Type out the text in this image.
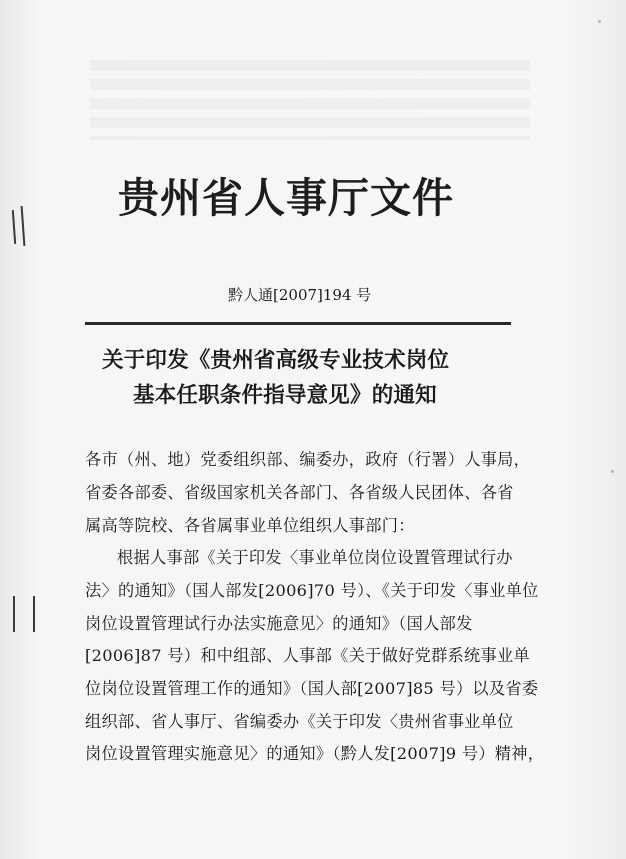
贵州省人事厅文件
黔人通[2007]194 号
关于印发《贵州省高级专业技术岗位
基本任职条件指导意见》的通知
各市（州、地）党委组织部、编委办，政府（行署）人事局，
省委各部委、省级国家机关各部门、各省级人民团体、各省
属高等院校、各省属事业单位组织人事部门：
根据人事部《关于印发〈事业单位岗位设置管理试行办
法〉的通知》（国人部发[2006]70 号）、《关于印发〈事业单位
岗位设置管理试行办法实施意见〉的通知》（国人部发
[2006]87 号）和中组部、人事部《关于做好党群系统事业单
位岗位设置管理工作的通知》（国人部[2007]85 号）以及省委
组织部、省人事厅、省编委办《关于印发〈贵州省事业单位
岗位设置管理实施意见〉的通知》（黔人发[2007]9 号）精神，
